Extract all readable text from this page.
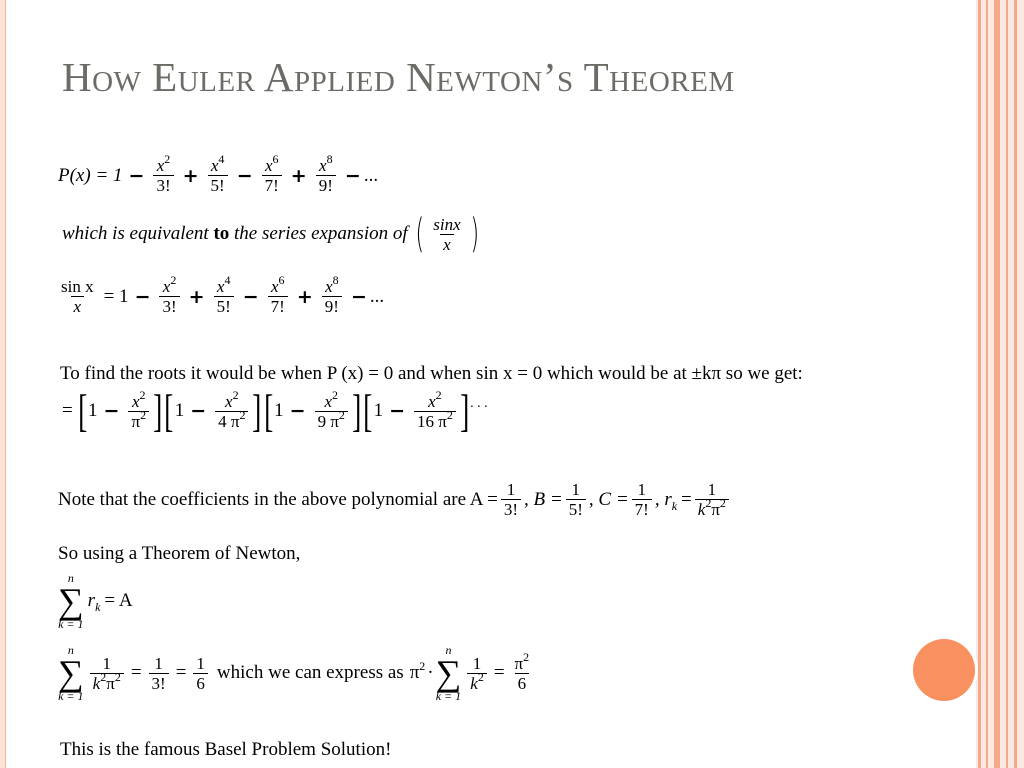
How Euler Applied Newton’s Theorem
$P(x) = 1 - \frac{x^2}{3!} + \frac{x^4}{5!} - \frac{x^6}{7!} + \frac{x^8}{9!}$ − ...
which is equivalent to the series expansion of ( $\frac{\sin x}{x}$ )
$\frac{\text{sin x}}{x} = 1 - \frac{x^2}{3!} + \frac{x^4}{5!} - \frac{x^6}{7!} + \frac{x^8}{9!}$ − ...
To find the roots it would be when P (x) = 0 and when sin x = 0 which would be at ±kπ so we get:
= [ $1 - \frac{x^2}{\pi^2}$ ] [ $1 - \frac{x^2}{4 \pi^2}$ ] [ $1 - \frac{x^2}{9 \pi^2}$ ] [ $1 - \frac{x^2}{16 \pi^2}$ ] . . .
Note that the coefficients in the above polynomial are $A = \frac{1}{3!}$ , $B = \frac{1}{5!}$ , $C = \frac{1}{7!}$ , $r_k = \frac{1}{k^2\pi^2}$
So using a Theorem of Newton,
n
∑
k = 1
$r_k = A$
n
∑
k = 1
$\frac{1}{k^2\pi^2} = \frac{1}{3!} = \frac{1}{6}$ which we can express as $\pi^2$ ·
n
∑
k = 1
$\frac{1}{k^2} = \frac{\pi^2}{6}$
This is the famous Basel Problem Solution!
